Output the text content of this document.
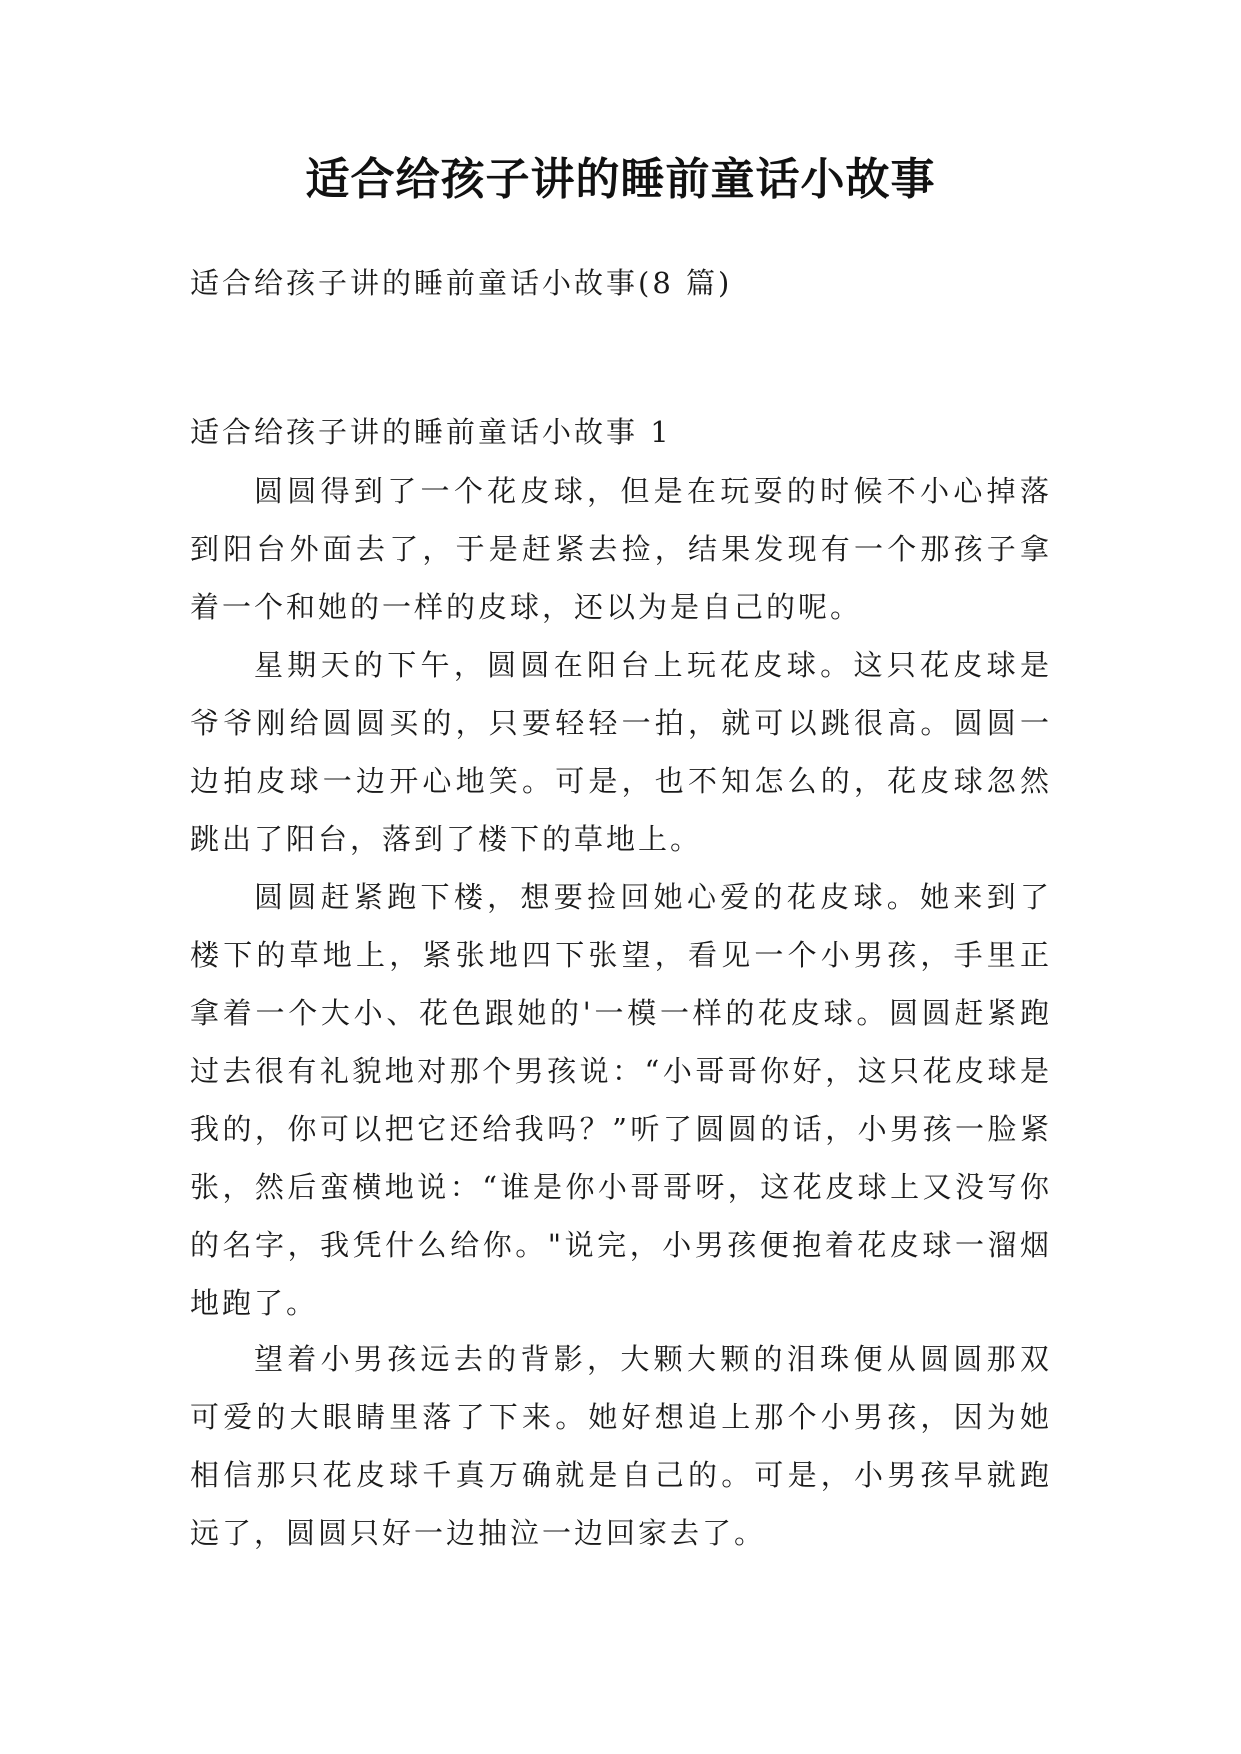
适合给孩子讲的睡前童话小故事
适合给孩子讲的睡前童话小故事(8 篇)
适合给孩子讲的睡前童话小故事 1

圆圆得到了一个花皮球，但是在玩耍的时候不小心掉落到阳台外面去了，于是赶紧去捡，结果发现有一个那孩子拿着一个和她的一样的皮球，还以为是自己的呢。

星期天的下午，圆圆在阳台上玩花皮球。这只花皮球是爷爷刚给圆圆买的，只要轻轻一拍，就可以跳很高。圆圆一边拍皮球一边开心地笑。可是，也不知怎么的，花皮球忽然跳出了阳台，落到了楼下的草地上。

圆圆赶紧跑下楼，想要捡回她心爱的花皮球。她来到了楼下的草地上，紧张地四下张望，看见一个小男孩，手里正拿着一个大小、花色跟她的'一模一样的花皮球。圆圆赶紧跑过去很有礼貌地对那个男孩说：“小哥哥你好，这只花皮球是我的，你可以把它还给我吗？”听了圆圆的话，小男孩一脸紧张，然后蛮横地说：“谁是你小哥哥呀，这花皮球上又没写你的名字，我凭什么给你。"说完，小男孩便抱着花皮球一溜烟地跑了。

望着小男孩远去的背影，大颗大颗的泪珠便从圆圆那双可爱的大眼睛里落了下来。她好想追上那个小男孩，因为她相信那只花皮球千真万确就是自己的。可是，小男孩早就跑远了，圆圆只好一边抽泣一边回家去了。
